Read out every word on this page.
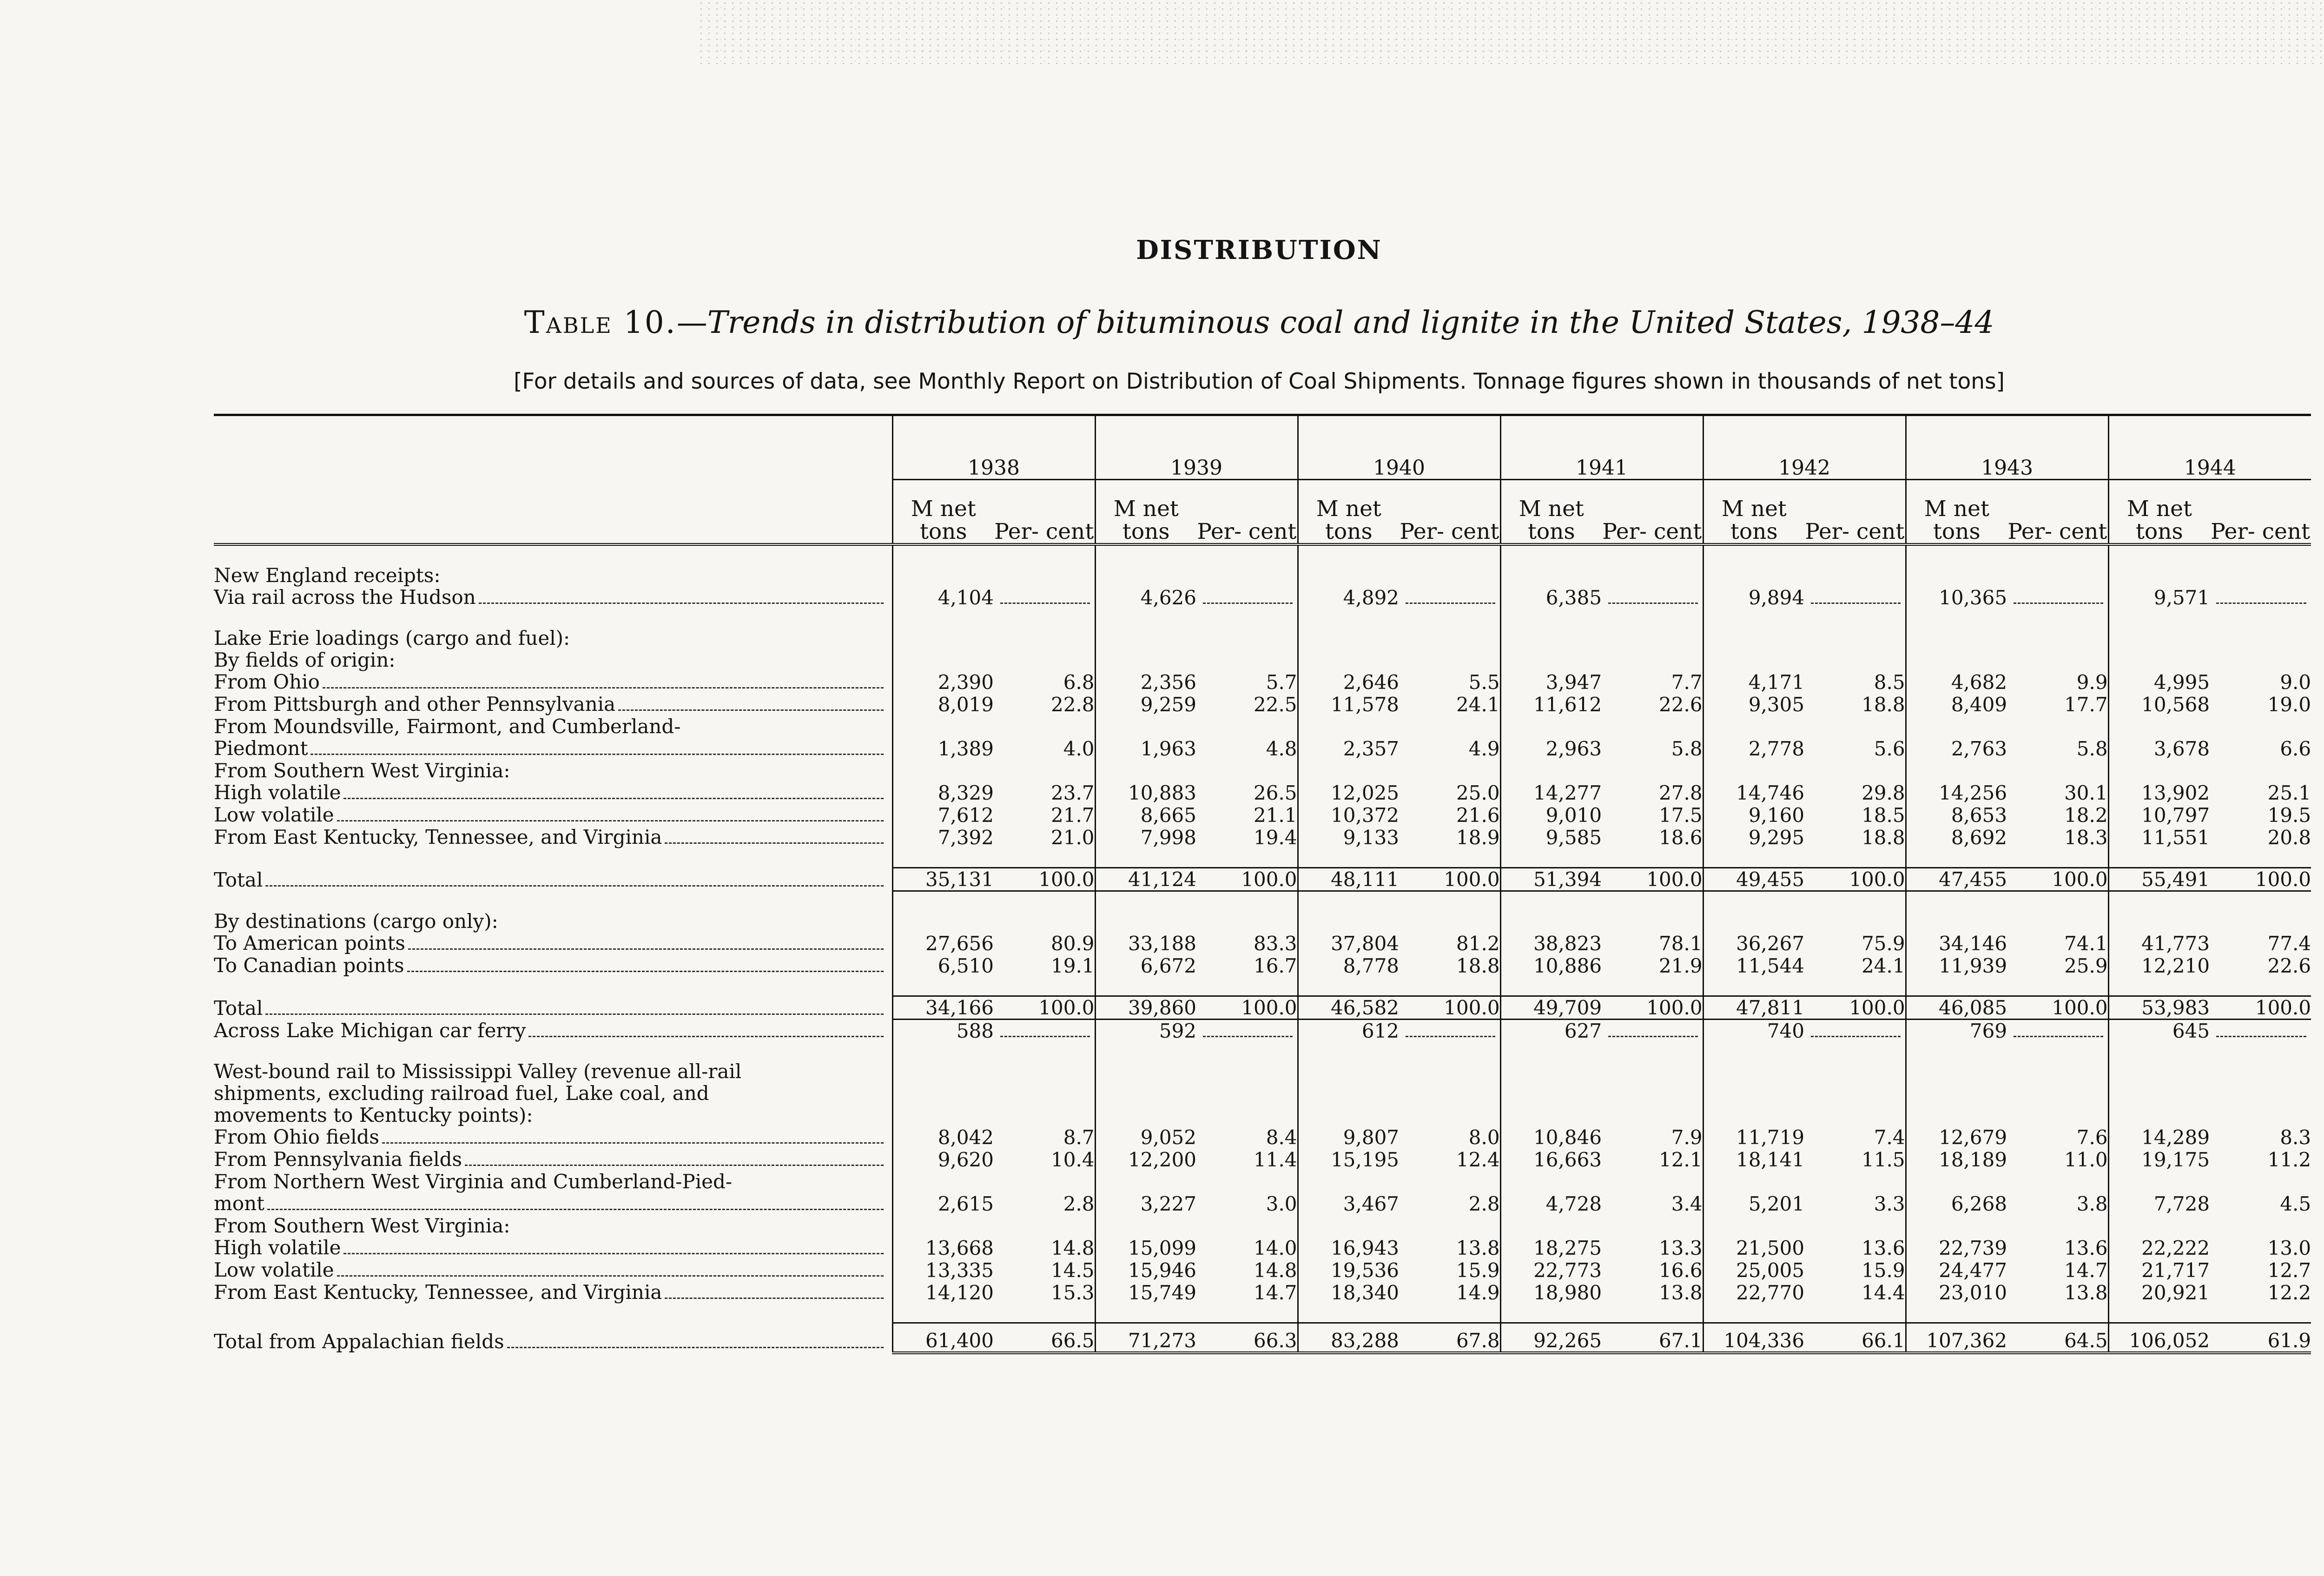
DISTRIBUTION
Table 10.—Trends in distribution of bituminous coal and lignite in the United States, 1938–44
[For details and sources of data, see Monthly Report on Distribution of Coal Shipments. Tonnage figures shown in thousands of net tons]
	1938		1939		1940		1941		1942		1943		1944	
	M net tons	Per- cent	M net tons	Per- cent	M net tons	Per- cent	M net tons	Per- cent	M net tons	Per- cent	M net tons	Per- cent	M net tons	Per- cent

New England receipts:														

Via rail across the Hudson	4,104		4,626		4,892		6,385		9,894		10,365		9,571	

Lake Erie loadings (cargo and fuel):														
By fields of origin:														

From Ohio	2,390	6.8	2,356	5.7	2,646	5.5	3,947	7.7	4,171	8.5	4,682	9.9	4,995	9.0

From Pittsburgh and other Pennsylvania	8,019	22.8	9,259	22.5	11,578	24.1	11,612	22.6	9,305	18.8	8,409	17.7	10,568	19.0
From Moundsville, Fairmont, and Cumberland-														

Piedmont	1,389	4.0	1,963	4.8	2,357	4.9	2,963	5.8	2,778	5.6	2,763	5.8	3,678	6.6
From Southern West Virginia:														

High volatile	8,329	23.7	10,883	26.5	12,025	25.0	14,277	27.8	14,746	29.8	14,256	30.1	13,902	25.1

Low volatile	7,612	21.7	8,665	21.1	10,372	21.6	9,010	17.5	9,160	18.5	8,653	18.2	10,797	19.5

From East Kentucky, Tennessee, and Virginia	7,392	21.0	7,998	19.4	9,133	18.9	9,585	18.6	9,295	18.8	8,692	18.3	11,551	20.8

Total	35,131	100.0	41,124	100.0	48,111	100.0	51,394	100.0	49,455	100.0	47,455	100.0	55,491	100.0

By destinations (cargo only):														

To American points	27,656	80.9	33,188	83.3	37,804	81.2	38,823	78.1	36,267	75.9	34,146	74.1	41,773	77.4

To Canadian points	6,510	19.1	6,672	16.7	8,778	18.8	10,886	21.9	11,544	24.1	11,939	25.9	12,210	22.6

Total	34,166	100.0	39,860	100.0	46,582	100.0	49,709	100.0	47,811	100.0	46,085	100.0	53,983	100.0

Across Lake Michigan car ferry	588		592		612		627		740		769		645	

West-bound rail to Mississippi Valley (revenue all-rail														
shipments, excluding railroad fuel, Lake coal, and														
movements to Kentucky points):														

From Ohio fields	8,042	8.7	9,052	8.4	9,807	8.0	10,846	7.9	11,719	7.4	12,679	7.6	14,289	8.3

From Pennsylvania fields	9,620	10.4	12,200	11.4	15,195	12.4	16,663	12.1	18,141	11.5	18,189	11.0	19,175	11.2
From Northern West Virginia and Cumberland-Pied-														

mont	2,615	2.8	3,227	3.0	3,467	2.8	4,728	3.4	5,201	3.3	6,268	3.8	7,728	4.5
From Southern West Virginia:														

High volatile	13,668	14.8	15,099	14.0	16,943	13.8	18,275	13.3	21,500	13.6	22,739	13.6	22,222	13.0

Low volatile	13,335	14.5	15,946	14.8	19,536	15.9	22,773	16.6	25,005	15.9	24,477	14.7	21,717	12.7

From East Kentucky, Tennessee, and Virginia	14,120	15.3	15,749	14.7	18,340	14.9	18,980	13.8	22,770	14.4	23,010	13.8	20,921	12.2

Total from Appalachian fields	61,400	66.5	71,273	66.3	83,288	67.8	92,265	67.1	104,336	66.1	107,362	64.5	106,052	61.9
